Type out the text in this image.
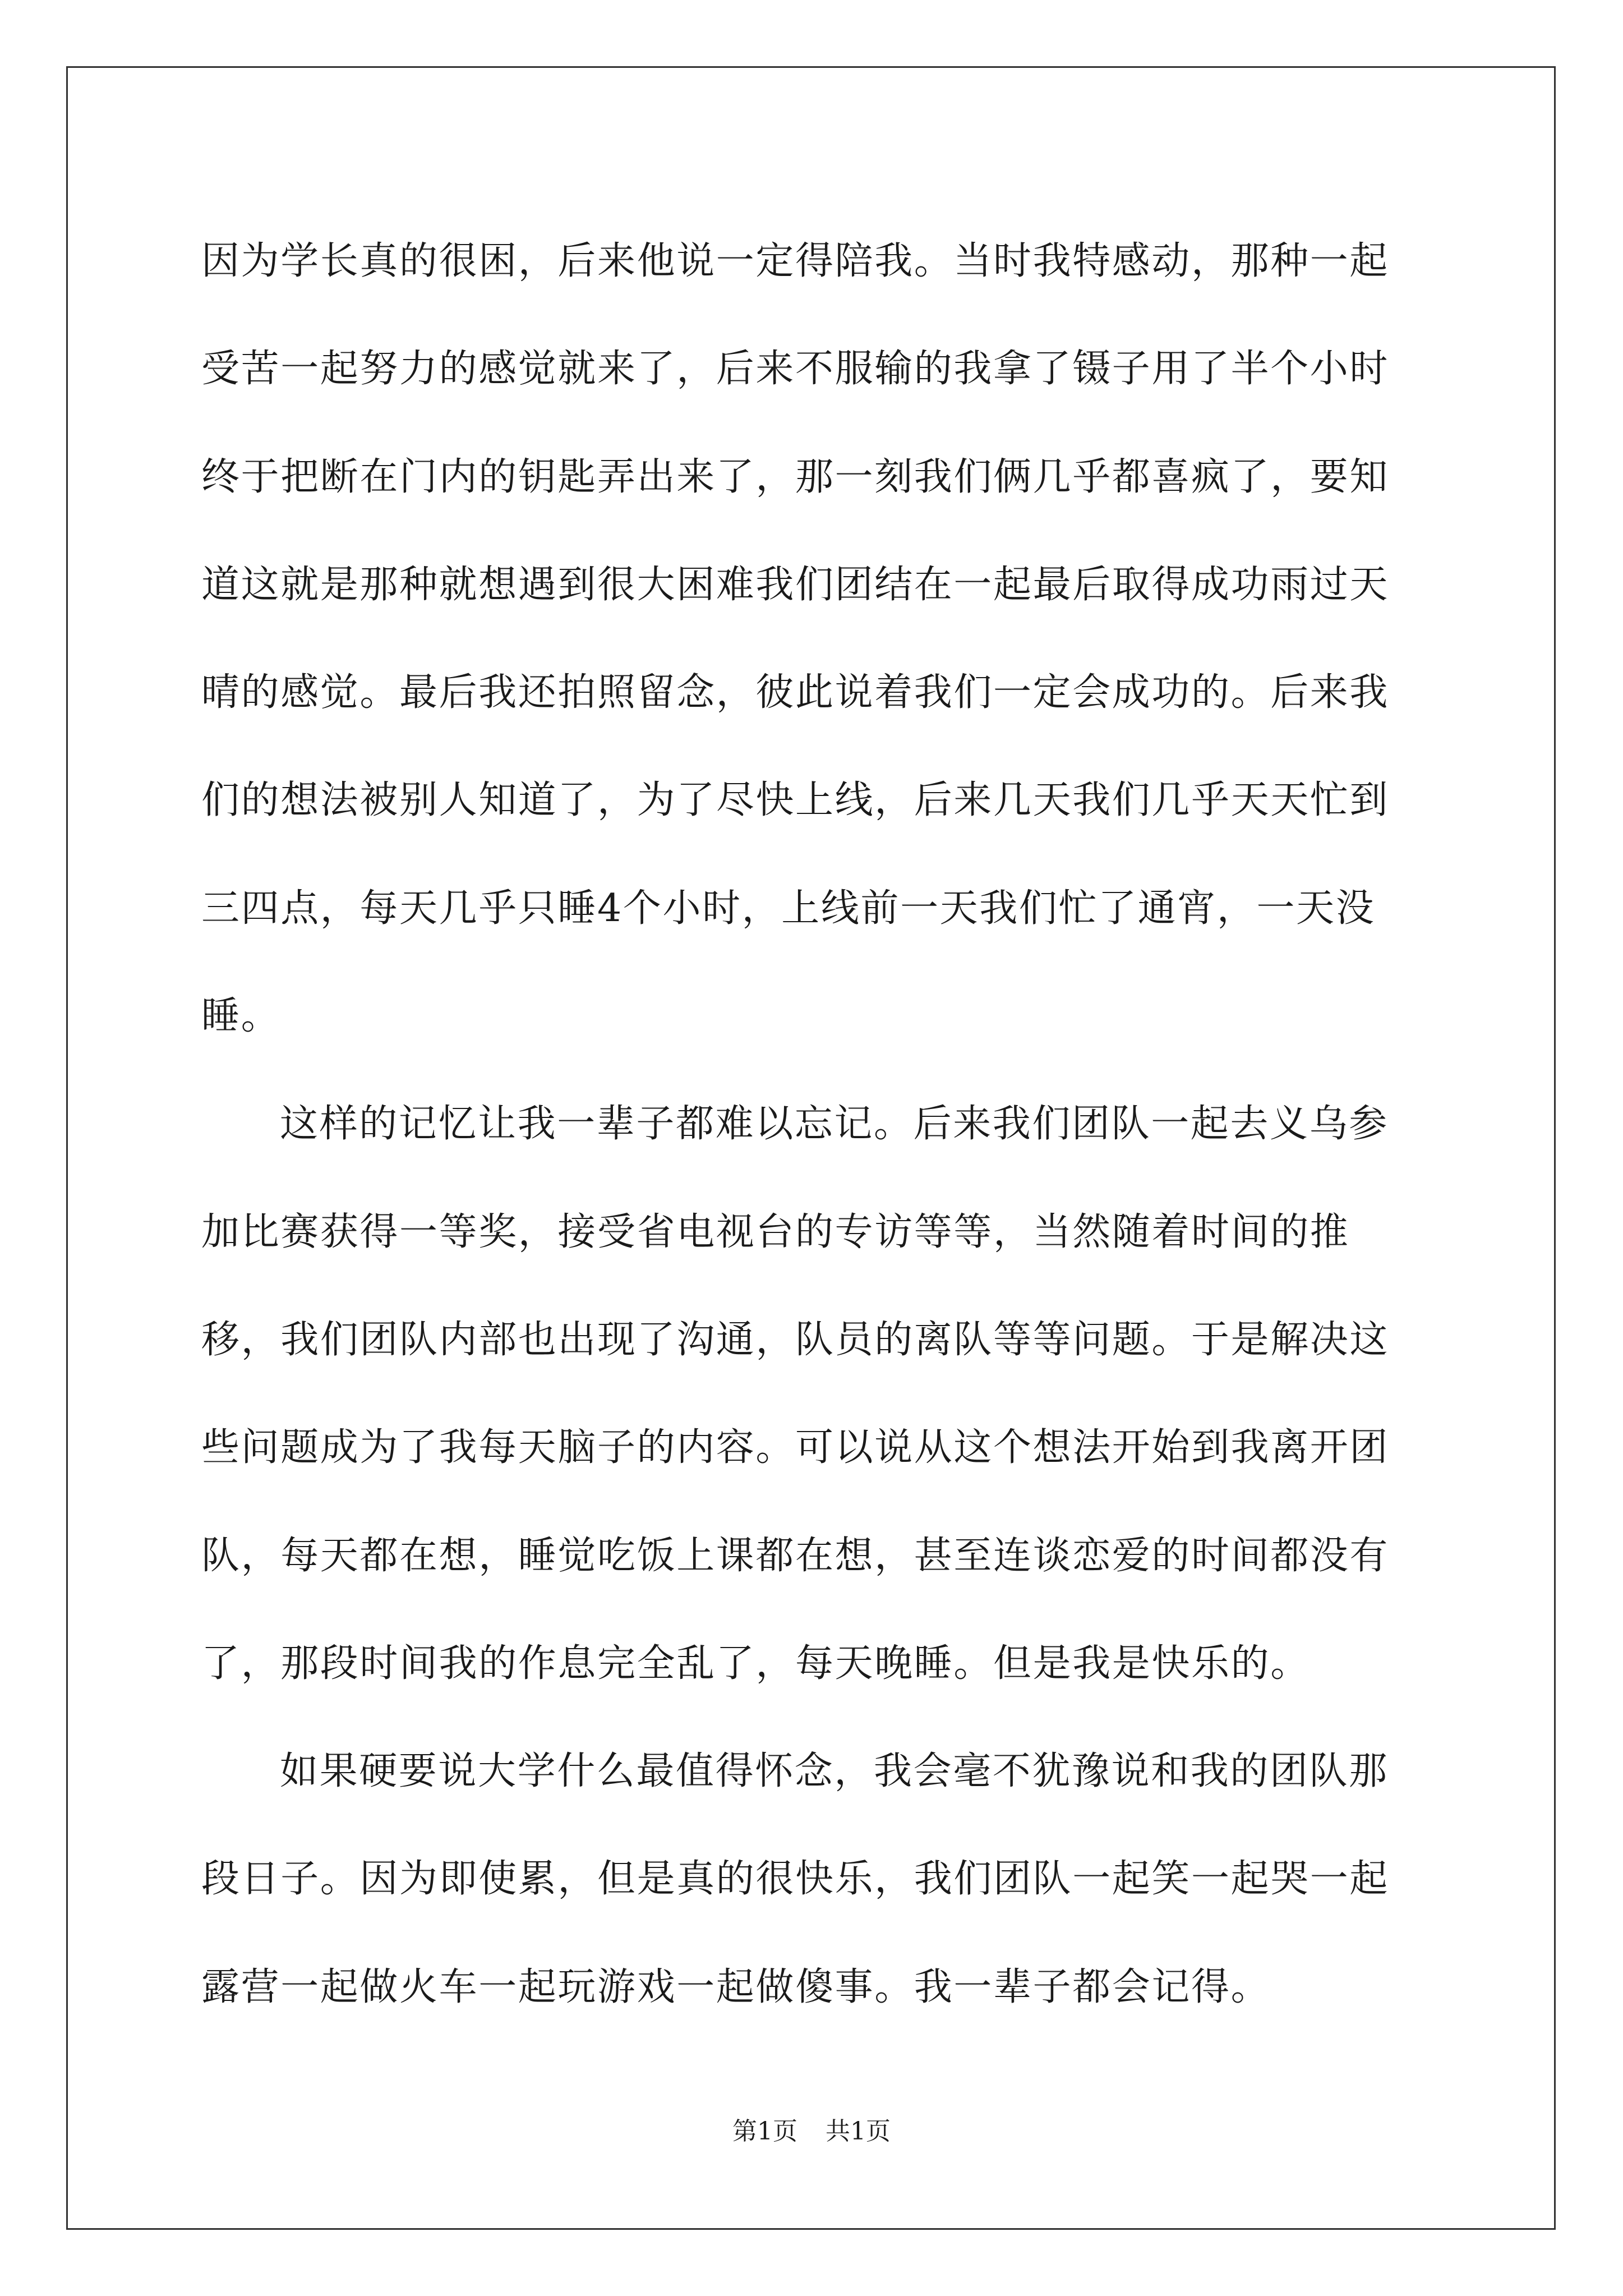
因为学长真的很困，后来他说一定得陪我。当时我特感动，那种一起受苦一起努力的感觉就来了，后来不服输的我拿了镊子用了半个小时终于把断在门内的钥匙弄出来了，那一刻我们俩几乎都喜疯了，要知道这就是那种就想遇到很大困难我们团结在一起最后取得成功雨过天晴的感觉。最后我还拍照留念，彼此说着我们一定会成功的。后来我们的想法被别人知道了，为了尽快上线，后来几天我们几乎天天忙到三四点，每天几乎只睡4个小时，上线前一天我们忙了通宵，一天没睡。

这样的记忆让我一辈子都难以忘记。后来我们团队一起去义乌参加比赛获得一等奖，接受省电视台的专访等等，当然随着时间的推移，我们团队内部也出现了沟通，队员的离队等等问题。于是解决这些问题成为了我每天脑子的内容。可以说从这个想法开始到我离开团队，每天都在想，睡觉吃饭上课都在想，甚至连谈恋爱的时间都没有了，那段时间我的作息完全乱了，每天晚睡。但是我是快乐的。

如果硬要说大学什么最值得怀念，我会毫不犹豫说和我的团队那段日子。因为即使累，但是真的很快乐，我们团队一起笑一起哭一起露营一起做火车一起玩游戏一起做傻事。我一辈子都会记得。

第1页 共1页
